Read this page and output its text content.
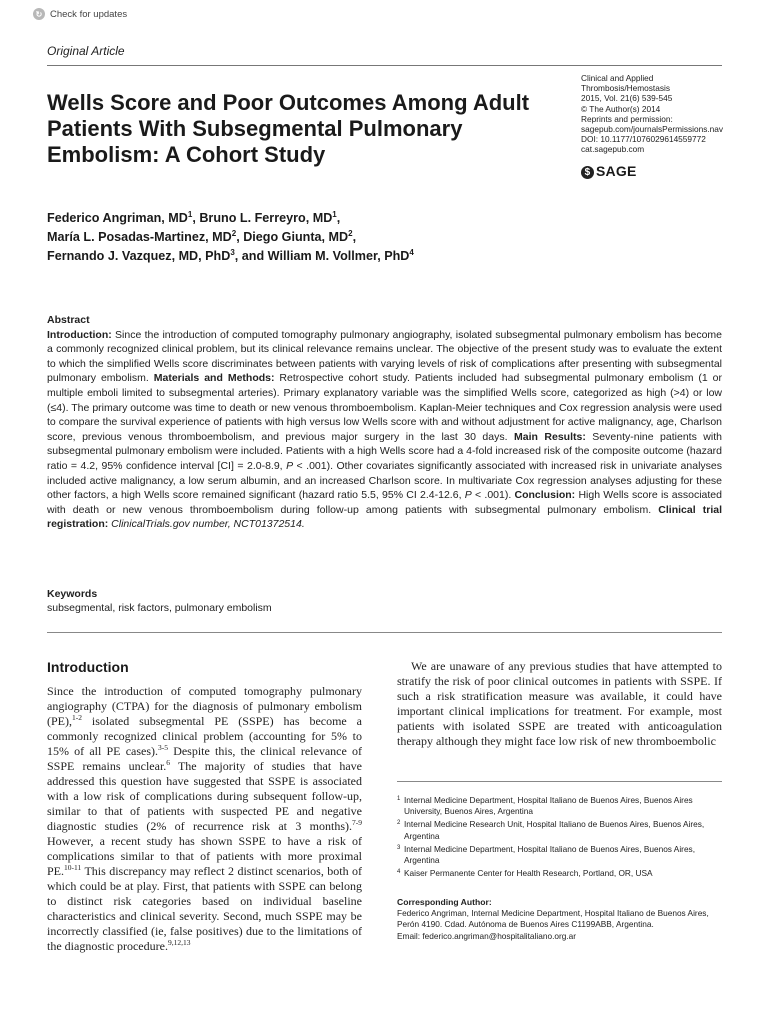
↻ Check for updates
Original Article
Wells Score and Poor Outcomes Among Adult Patients With Subsegmental Pulmonary Embolism: A Cohort Study
Clinical and Applied
Thrombosis/Hemostasis
2015, Vol. 21(6) 539-545
© The Author(s) 2014
Reprints and permission:
sagepub.com/journalsPermissions.nav
DOI: 10.1177/1076029614559772
cat.sagepub.com
$ SAGE
Federico Angriman, $MD^1$, Bruno L. Ferreyro, $MD^1$,
María L. Posadas-Martinez, $MD^2$, Diego Giunta, $MD^2$,
Fernando J. Vazquez, MD, PhD$^3$, and William M. Vollmer, PhD$^4$
Abstract
Introduction: Since the introduction of computed tomography pulmonary angiography, isolated subsegmental pulmonary embolism has become a commonly recognized clinical problem, but its clinical relevance remains unclear. The objective of the present study was to evaluate the extent to which the simplified Wells score discriminates between patients with varying levels of risk of complications after presenting with subsegmental pulmonary embolism. Materials and Methods: Retrospective cohort study. Patients included had subsegmental pulmonary embolism (1 or multiple emboli limited to subsegmental arteries). Primary explanatory variable was the simplified Wells score, categorized as high (>4) or low (≤4). The primary outcome was time to death or new venous thromboembolism. Kaplan-Meier techniques and Cox regression analysis were used to compare the survival experience of patients with high versus low Wells score with and without adjustment for active malignancy, age, Charlson score, previous venous thromboembolism, and previous major surgery in the last 30 days. Main Results: Seventy-nine patients with subsegmental pulmonary embolism were included. Patients with a high Wells score had a 4-fold increased risk of the composite outcome (hazard ratio = 4.2, 95% confidence interval [CI] = 2.0-8.9, P < .001). Other covariates significantly associated with increased risk in univariate analyses included active malignancy, a low serum albumin, and an increased Charlson score. In multivariate Cox regression analyses adjusting for these other factors, a high Wells score remained significant (hazard ratio 5.5, 95% CI 2.4-12.6, P < .001). Conclusion: High Wells score is associated with death or new venous thromboembolism during follow-up among patients with subsegmental pulmonary embolism. Clinical trial registration: ClinicalTrials.gov number, NCT01372514.
Keywords
subsegmental, risk factors, pulmonary embolism
Introduction

Since the introduction of computed tomography pulmonary angiography (CTPA) for the diagnosis of pulmonary embolism (PE),$^{1-2}$ isolated subsegmental PE (SSPE) has become a commonly recognized clinical problem (accounting for 5% to 15% of all PE cases).$^{3-5}$ Despite this, the clinical relevance of SSPE remains unclear.$^6$ The majority of studies that have addressed this question have suggested that SSPE is associated with a low risk of complications during subsequent follow-up, similar to that of patients with suspected PE and negative diagnostic studies (2% of recurrence risk at 3 months).$^{7-9}$ However, a recent study has shown SSPE to have a risk of complications similar to that of patients with more proximal PE.$^{10-11}$ This discrepancy may reflect 2 distinct scenarios, both of which could be at play. First, that patients with SSPE can belong to distinct risk categories based on individual baseline characteristics and clinical severity. Second, much SSPE may be incorrectly classified (ie, false positives) due to the limitations of the diagnostic procedure.$^{9,12,13}$

We are unaware of any previous studies that have attempted to stratify the risk of poor clinical outcomes in patients with SSPE. If such a risk stratification measure was available, it could have important clinical implications for treatment. For example, most patients with isolated SSPE are treated with anticoagulation therapy although they might face low risk of new thromboembolic

1 Internal Medicine Department, Hospital Italiano de Buenos Aires, Buenos Aires University, Buenos Aires, Argentina
2 Internal Medicine Research Unit, Hospital Italiano de Buenos Aires, Buenos Aires, Argentina
3 Internal Medicine Department, Hospital Italiano de Buenos Aires, Buenos Aires, Argentina
4 Kaiser Permanente Center for Health Research, Portland, OR, USA
Corresponding Author:
Federico Angriman, Internal Medicine Department, Hospital Italiano de Buenos Aires, Perón 4190. Cdad. Autónoma de Buenos Aires C1199ABB, Argentina.
Email: federico.angriman@hospitalitaliano.org.ar
